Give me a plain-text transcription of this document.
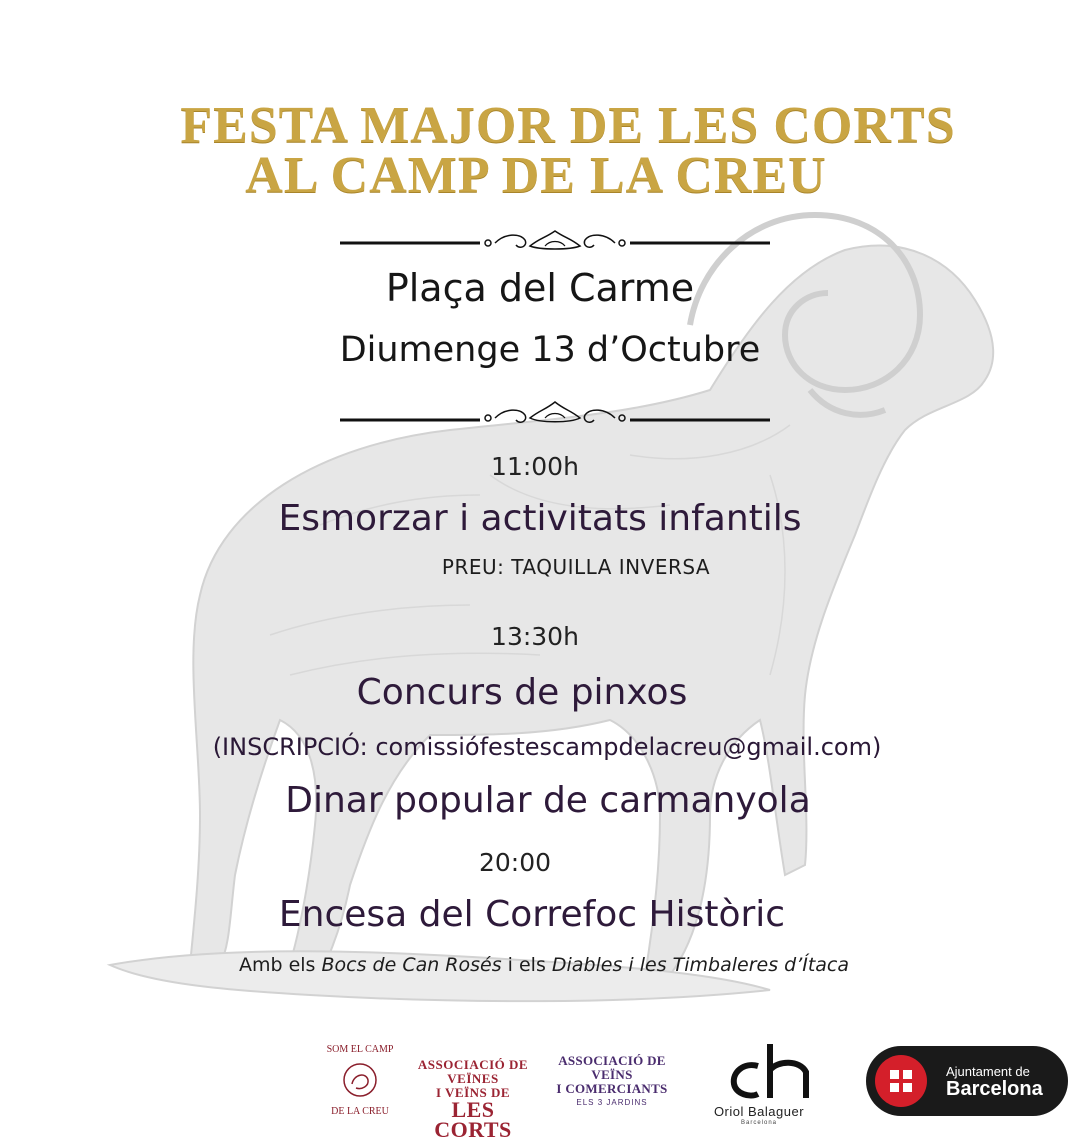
FESTA MAJOR DE LES CORTS
AL CAMP DE LA CREU
Plaça del Carme
Diumenge 13 d’Octubre
11:00h
Esmorzar i activitats infantils
PREU: TAQUILLA INVERSA
13:30h
Concurs de pinxos
(INSCRIPCIÓ: comissiófestescampdelacreu@gmail.com)
Dinar popular de carmanyola
20:00
Encesa del Correfoc Històric
Amb els Bocs de Can Rosés i els Diables i les Timbaleres d’Ítaca
SOM EL CAMP
DE LA CREU
ASSOCIACIÓ DE
VEÏNES
I VEÏNS DE
LES CORTS
ASSOCIACIÓ DE
VEÏNS
I COMERCIANTS
ELS 3 JARDINS
Oriol Balaguer
Barcelona
Ajuntament de
Barcelona
